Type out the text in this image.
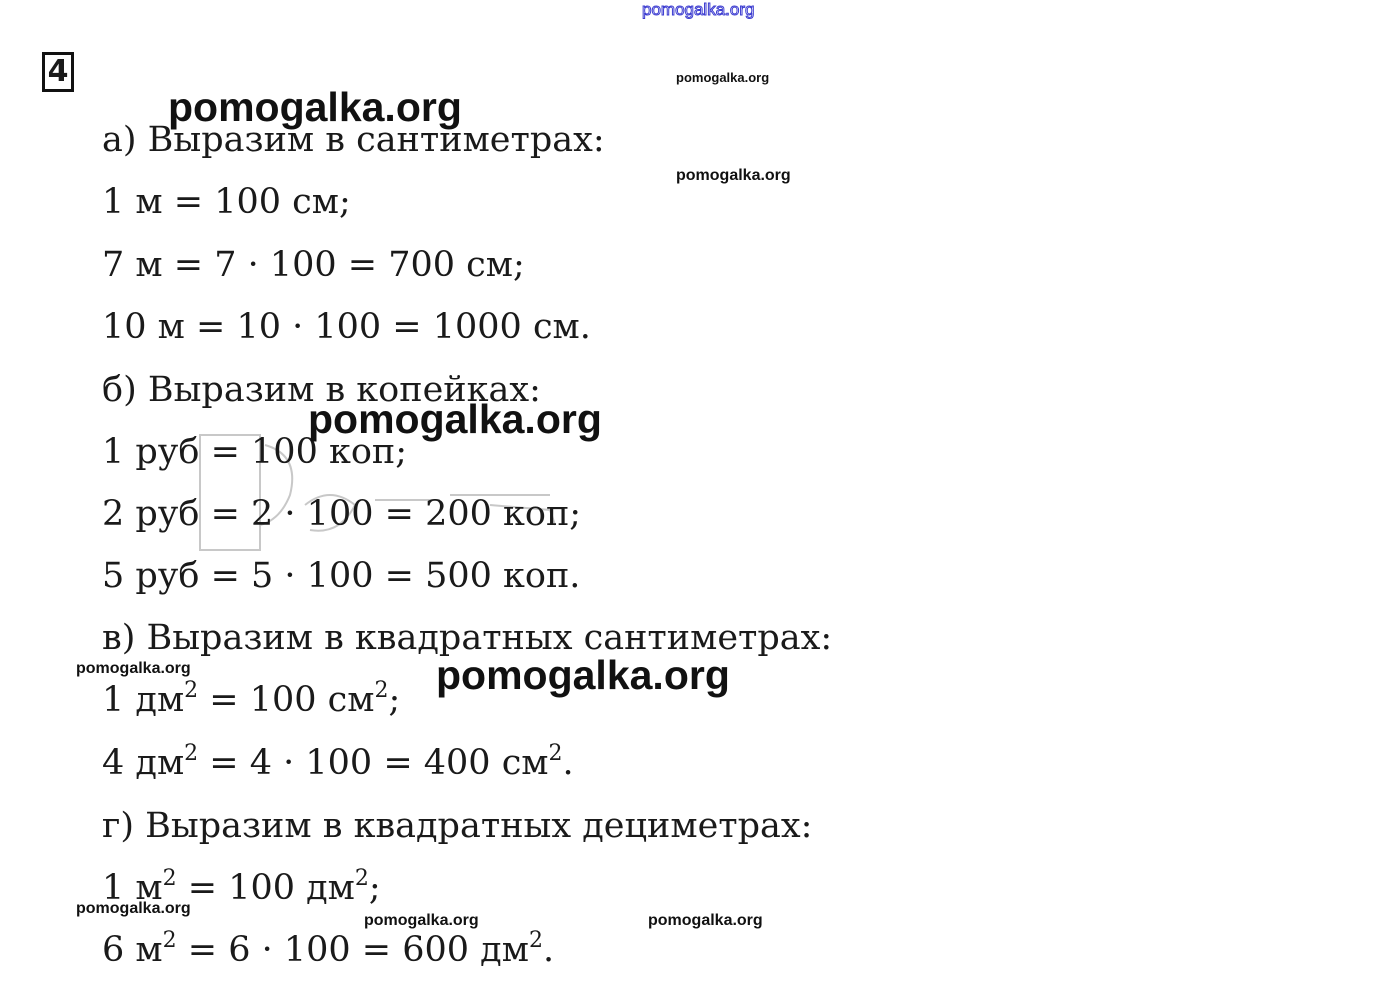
4
а) Выразим в сантиметрах:
1 м = 100 см;
7 м = 7 · 100 = 700 см;
10 м = 10 · 100 = 1000 см.
б) Выразим в копейках:
1 руб = 100 коп;
2 руб = 2 · 100 = 200 коп;
5 руб = 5 · 100 = 500 коп.
в) Выразим в квадратных сантиметрах:
1 $дм^2 = 100$ $см^2$;
4 $дм^2 = 4 \cdot 100 = 400$ $см^2$.
г) Выразим в квадратных дециметрах:
1 $м^2 = 100$ $дм^2$;
6 $м^2 = 6 \cdot 100 = 600$ $дм^2$.
pomogalka.org
pomogalka.org
pomogalka.org
pomogalka.org
pomogalka.org
pomogalka.org	pomogalka.org
pomogalka.org
pomogalka.org	pomogalka.org
